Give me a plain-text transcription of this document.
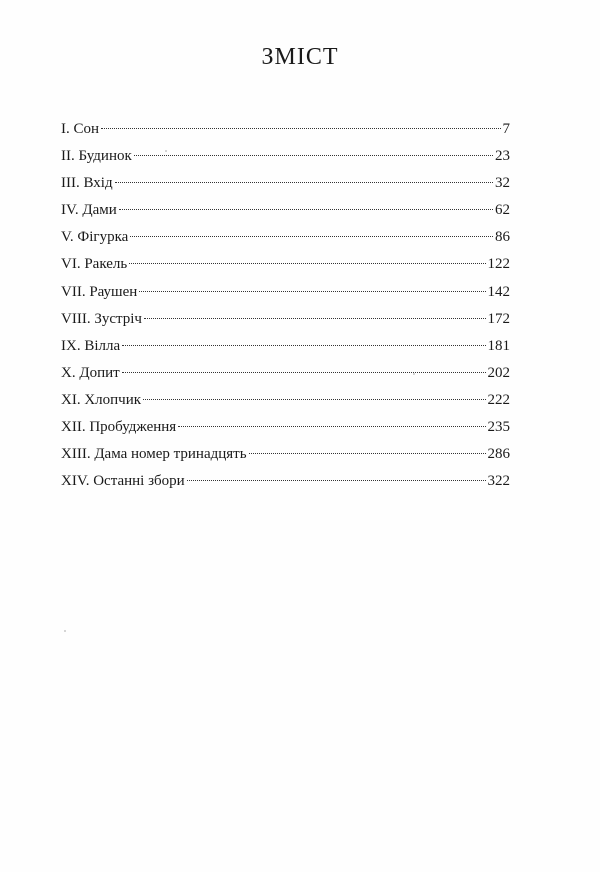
ЗМІСТ
I. Сон	7
II. Будинок	23
III. Вхід	32
IV. Дами	62
V. Фігурка	86
VI. Ракель	122
VII. Раушен	142
VIII. Зустріч	172
IX. Вілла	181
X. Допит	202
XI. Хлопчик	222
XII. Пробудження	235
XIII. Дама номер тринадцять	286
XIV. Останні збори	322
